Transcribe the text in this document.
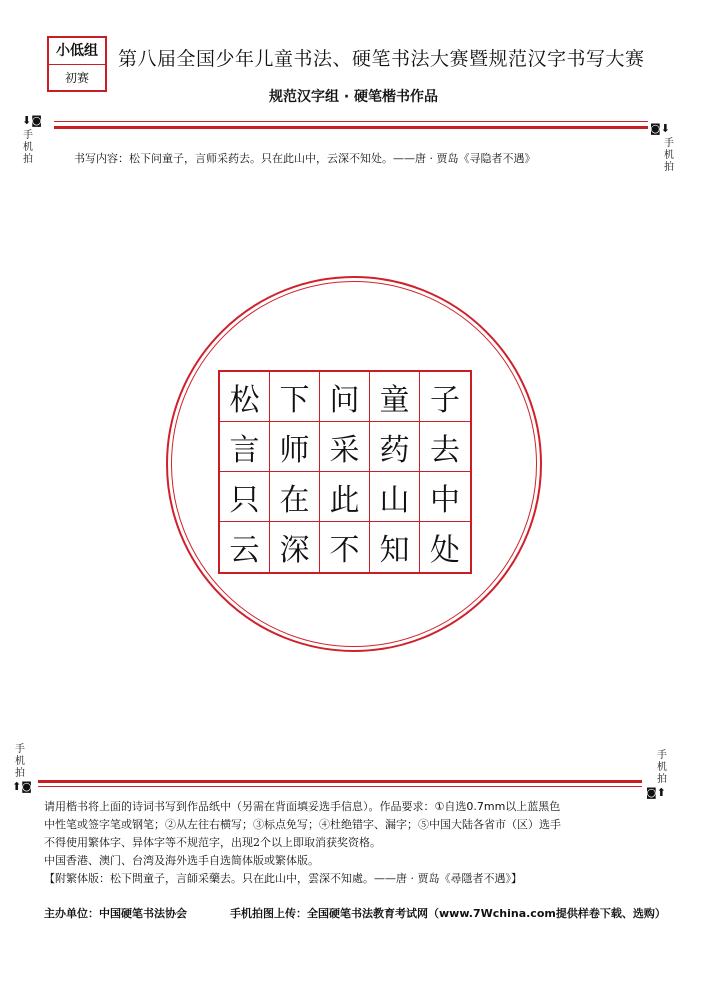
小低组
初赛
第八届全国少年儿童书法、硬笔书法大赛暨规范汉字书写大赛
规范汉字组 · 硬笔楷书作品
⬇◙
手机拍
◙⬇
手机拍
书写内容：松下问童子，言师采药去。只在此山中，云深不知处。——唐 · 贾岛《寻隐者不遇》
松 下 问 童 子
言 师 采 药 去
只 在 此 山 中
云 深 不 知 处
手机拍
⬆◙
手机拍
◙⬆
请用楷书将上面的诗词书写到作品纸中（另需在背面填妥选手信息）。作品要求：①自选0.7mm以上蓝黑色
中性笔或签字笔或钢笔；②从左往右横写；③标点免写；④杜绝错字、漏字；⑤中国大陆各省市（区）选手
不得使用繁体字、异体字等不规范字，出现2个以上即取消获奖资格。
中国香港、澳门、台湾及海外选手自选简体版或繁体版。
【附繁体版：松下問童子，言師采藥去。只在此山中，雲深不知處。——唐 · 贾岛《尋隱者不遇》】
主办单位：中国硬笔书法协会	手机拍图上传：全国硬笔书法教育考试网（www.7Wchina.com提供样卷下载、选购）
